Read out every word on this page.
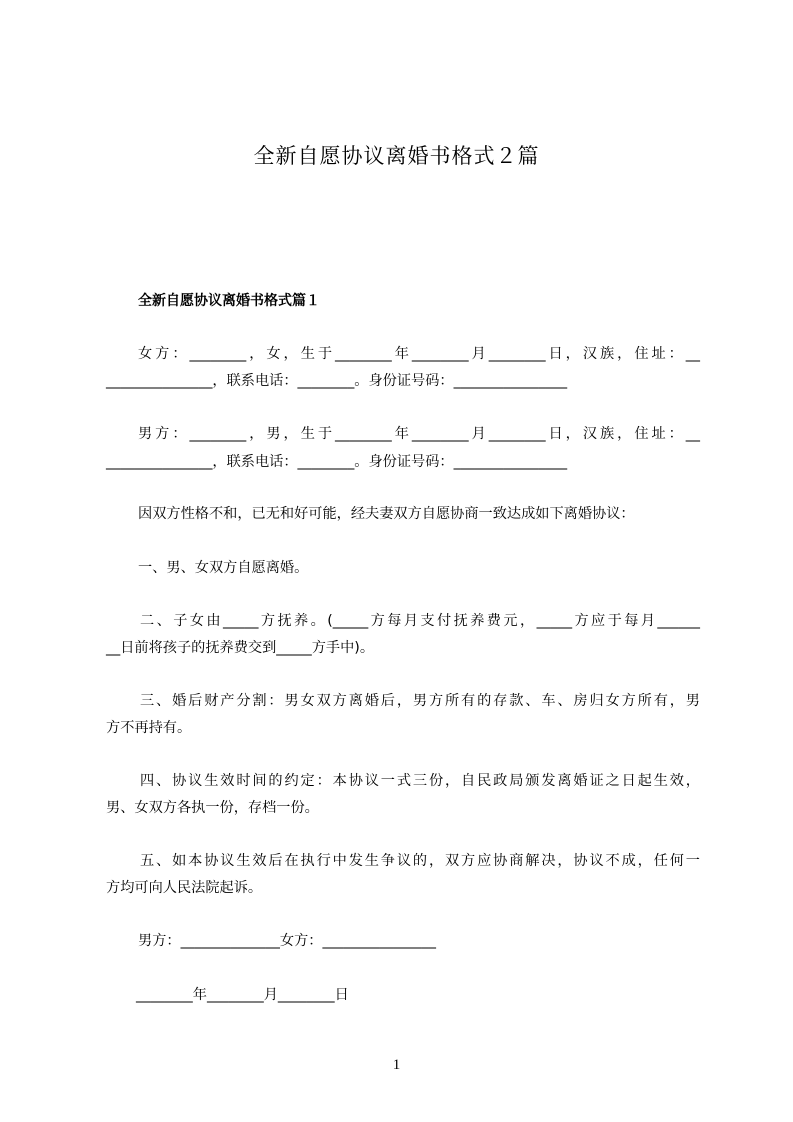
全新自愿协议离婚书格式２篇
全新自愿协议离婚书格式篇１
女方：________，女，生于________年________月________日，汉族，住址：__
_______________，联系电话：________。身份证号码：________________
男方：________，男，生于________年________月________日，汉族，住址：__
_______________，联系电话：________。身份证号码：________________
因双方性格不和，已无和好可能，经夫妻双方自愿协商一致达成如下离婚协议：
一、男、女双方自愿离婚。
二、子女由_____方抚养。(_____方每月支付抚养费元，_____方应于每月______
__日前将孩子的抚养费交到_____方手中)。
三、婚后财产分割：男女双方离婚后，男方所有的存款、车、房归女方所有，男
方不再持有。
四、协议生效时间的约定：本协议一式三份，自民政局颁发离婚证之日起生效，
男、女双方各执一份，存档一份。
五、如本协议生效后在执行中发生争议的，双方应协商解决，协议不成，任何一
方均可向人民法院起诉。
男方：______________女方：________________
________年________月________日
1
